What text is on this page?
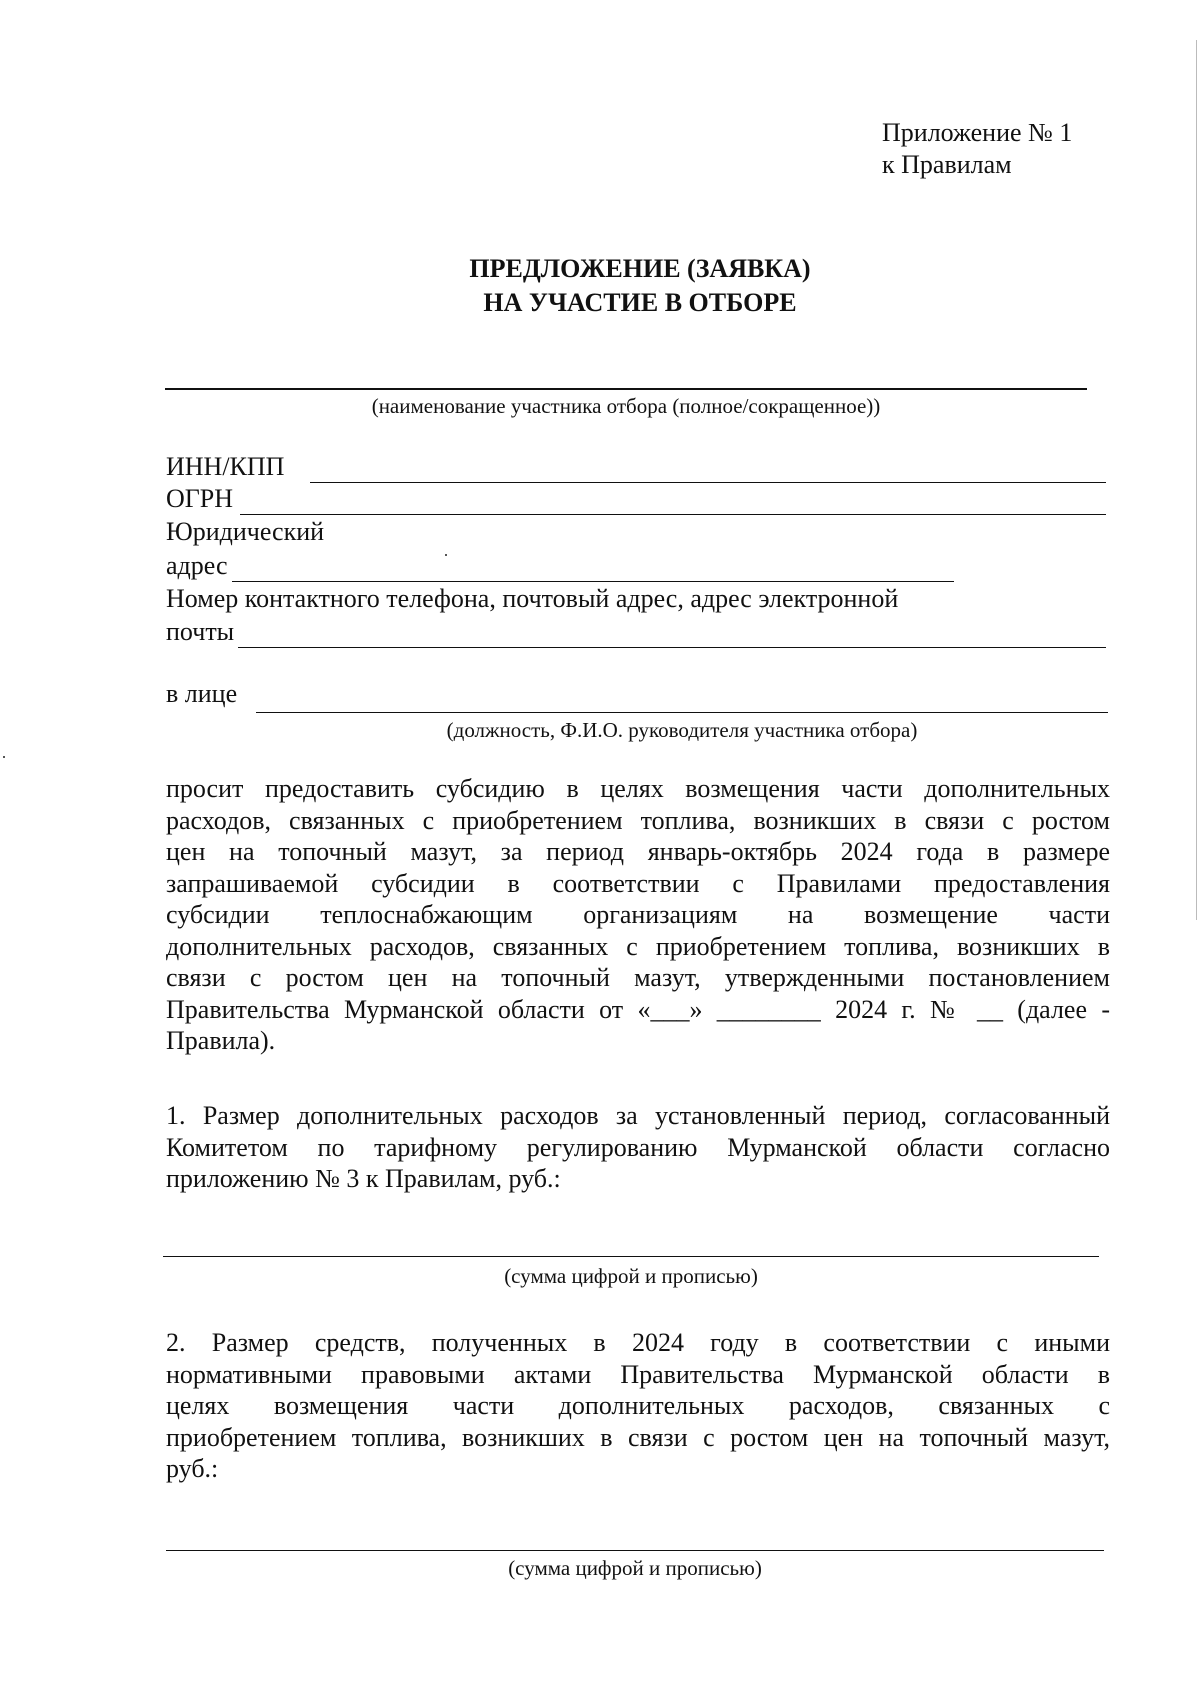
Приложение № 1
к Правилам
ПРЕДЛОЖЕНИЕ (ЗАЯВКА)
НА УЧАСТИЕ В ОТБОРЕ
(наименование участника отбора (полное/сокращенное))
ИНН/КПП
ОГРН
Юридический
адрес
Номер контактного телефона, почтовый адрес, адрес электронной
почты
в лице
(должность, Ф.И.О. руководителя участника отбора)
просит предоставить субсидию в целях возмещения части дополнительных
расходов, связанных с приобретением топлива, возникших в связи с ростом
цен на топочный мазут, за период январь-октябрь 2024 года в размере
запрашиваемой субсидии в соответствии с Правилами предоставления
субсидии теплоснабжающим организациям на возмещение части
дополнительных расходов, связанных с приобретением топлива, возникших в
связи с ростом цен на топочный мазут, утвержденными постановлением
Правительства Мурманской области от «___» ________ 2024 г. № __ (далее -
Правила).
1. Размер дополнительных расходов за установленный период, согласованный
Комитетом по тарифному регулированию Мурманской области согласно
приложению № 3 к Правилам, руб.:
(сумма цифрой и прописью)
2. Размер средств, полученных в 2024 году в соответствии с иными
нормативными правовыми актами Правительства Мурманской области в
целях возмещения части дополнительных расходов, связанных с
приобретением топлива, возникших в связи с ростом цен на топочный мазут,
руб.:
(сумма цифрой и прописью)
